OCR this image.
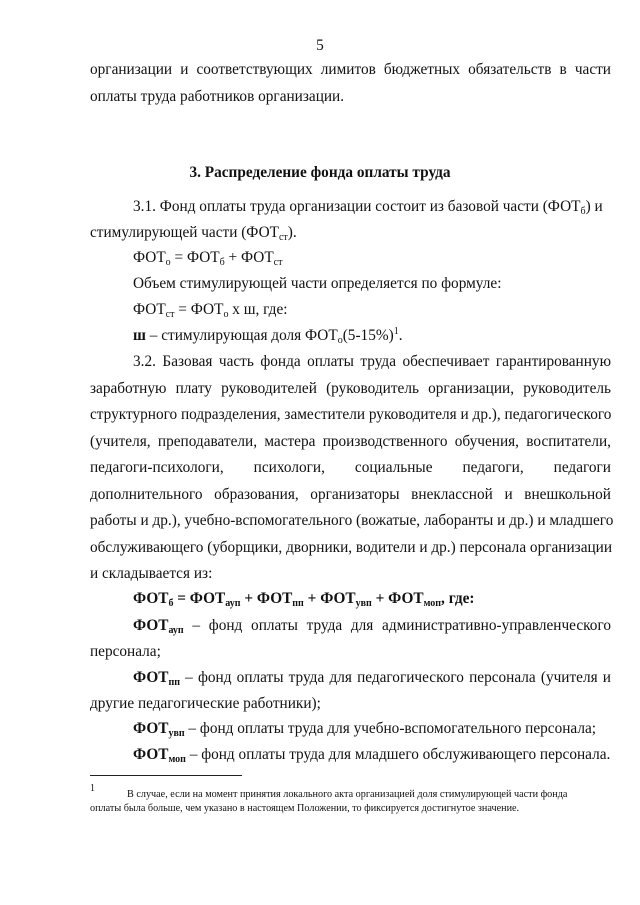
5
организации и соответствующих лимитов бюджетных обязательств в части
оплаты труда работников организации.
3. Распределение фонда оплаты труда
3.1. Фонд оплаты труда организации состоит из базовой части $(ФОТ_б)$ и
стимулирующей части $(ФОТ_{ст})$.
$ФОТ_о = ФОТ_б + ФОТ_{ст}$
Объем стимулирующей части определяется по формуле:
$ФОТ_{ст} = ФОТ_о$ х ш, где:
ш – стимулирующая доля $ФОТ_о(5-15\%)^1$.
3.2. Базовая часть фонда оплаты труда обеспечивает гарантированную
заработную плату руководителей (руководитель организации, руководитель
структурного подразделения, заместители руководителя и др.), педагогического
(учителя, преподаватели, мастера производственного обучения, воспитатели,
педагоги-психологи, психологи, социальные педагоги, педагоги
дополнительного образования, организаторы внеклассной и внешкольной
работы и др.), учебно-вспомогательного (вожатые, лаборанты и др.) и младшего
обслуживающего (уборщики, дворники, водители и др.) персонала организации
и складывается из:
$ФОТ_б = ФОТ_{ауп} + ФОТ_{пп} + ФОТ_{увп} + ФОТ_{моп}$, где:
$ФОТ_{ауп}$ – фонд оплаты труда для административно-управленческого
персонала;
$ФОТ_{пп}$ – фонд оплаты труда для педагогического персонала (учителя и
другие педагогические работники);
$ФОТ_{увп}$ – фонд оплаты труда для учебно-вспомогательного персонала;
$ФОТ_{моп}$ – фонд оплаты труда для младшего обслуживающего персонала.
1
В случае, если на момент принятия локального акта организацией доля стимулирующей части фонда
оплаты была больше, чем указано в настоящем Положении, то фиксируется достигнутое значение.
